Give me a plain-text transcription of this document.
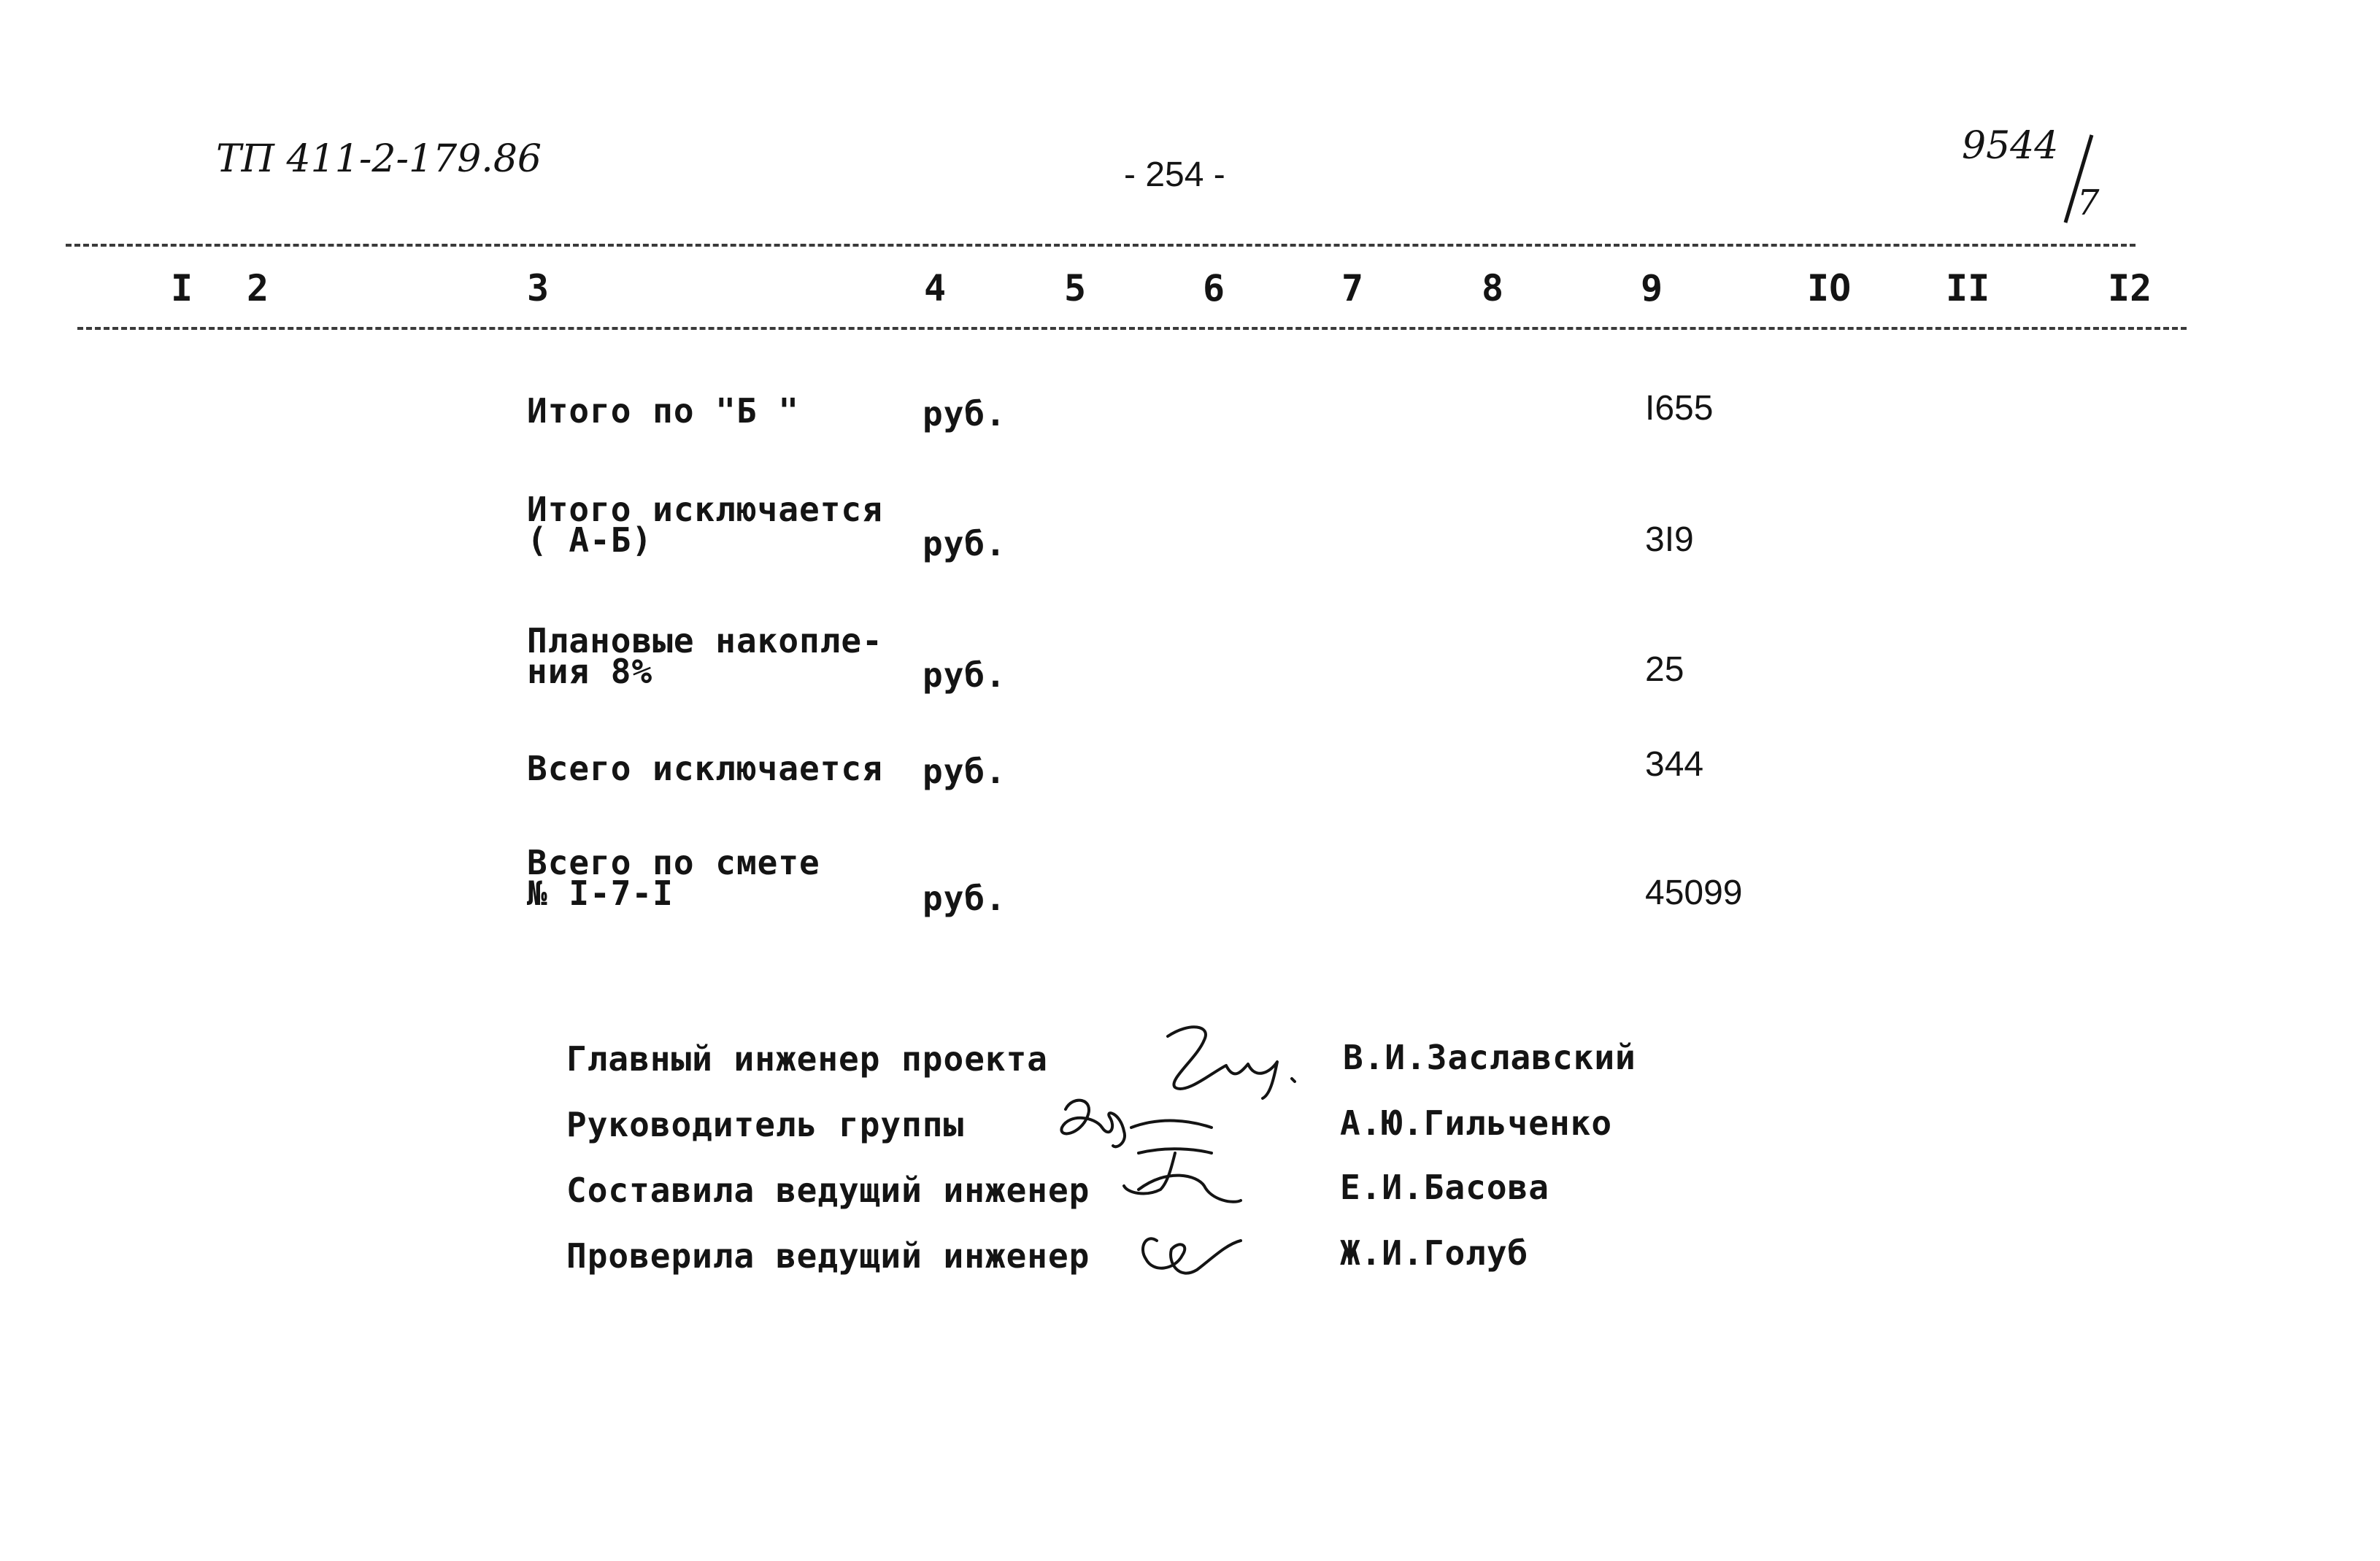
ТП 411-2-179.86	- 254 -
9544
7
I 2	3	4	5	6	7	8	9	IO	II	I2
Итого по "Б "	руб.	I655
Итого исключается
( А-Б)	руб.	3I9
Плановые накопле-
ния 8%	руб.	25
Всего исключается руб.	344
Всего по смете
№ I-7-I	руб.	45099
Главный инженер проекта	В.И.Заславский
Руководитель группы	А.Ю.Гильченко
Составила ведущий инженер	Е.И.Басова
Проверила ведущий инженер	Ж.И.Голуб
